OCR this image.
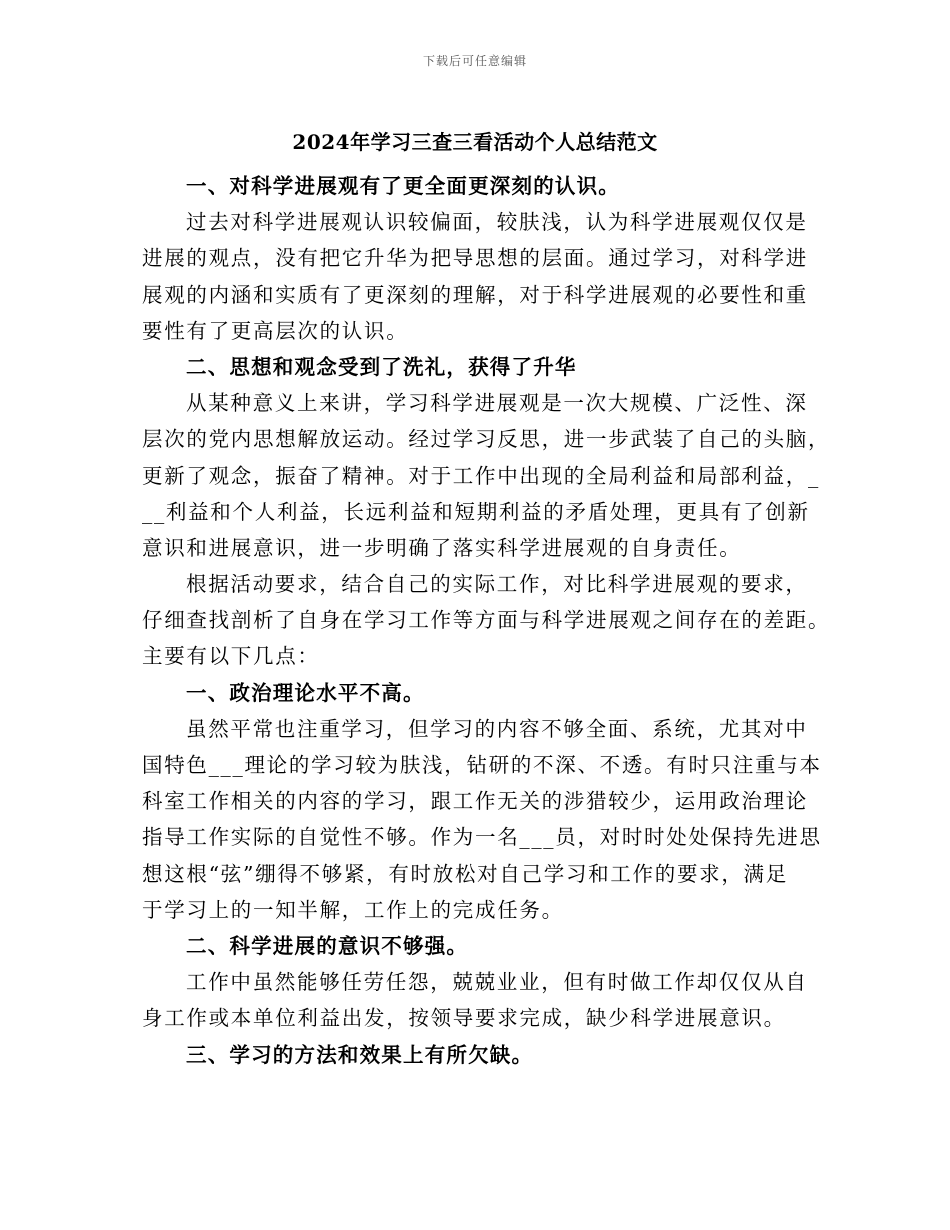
下载后可任意编辑
2024年学习三查三看活动个人总结范文
一、对科学进展观有了更全面更深刻的认识。
过去对科学进展观认识较偏面，较肤浅，认为科学进展观仅仅是
进展的观点，没有把它升华为把导思想的层面。通过学习，对科学进
展观的内涵和实质有了更深刻的理解，对于科学进展观的必要性和重
要性有了更高层次的认识。
二、思想和观念受到了洗礼，获得了升华
从某种意义上来讲，学习科学进展观是一次大规模、广泛性、深
层次的党内思想解放运动。经过学习反思，进一步武装了自己的头脑，
更新了观念，振奋了精神。对于工作中出现的全局利益和局部利益，_
__利益和个人利益，长远利益和短期利益的矛盾处理，更具有了创新
意识和进展意识，进一步明确了落实科学进展观的自身责任。
根据活动要求，结合自己的实际工作，对比科学进展观的要求，
仔细查找剖析了自身在学习工作等方面与科学进展观之间存在的差距。
主要有以下几点：
一、政治理论水平不高。
虽然平常也注重学习，但学习的内容不够全面、系统，尤其对中
国特色___理论的学习较为肤浅，钻研的不深、不透。有时只注重与本
科室工作相关的内容的学习，跟工作无关的涉猎较少，运用政治理论
指导工作实际的自觉性不够。作为一名___员，对时时处处保持先进思
想这根“弦”绷得不够紧，有时放松对自己学习和工作的要求，满足
于学习上的一知半解，工作上的完成任务。
二、科学进展的意识不够强。
工作中虽然能够任劳任怨，兢兢业业，但有时做工作却仅仅从自
身工作或本单位利益出发，按领导要求完成，缺少科学进展意识。
三、学习的方法和效果上有所欠缺。
